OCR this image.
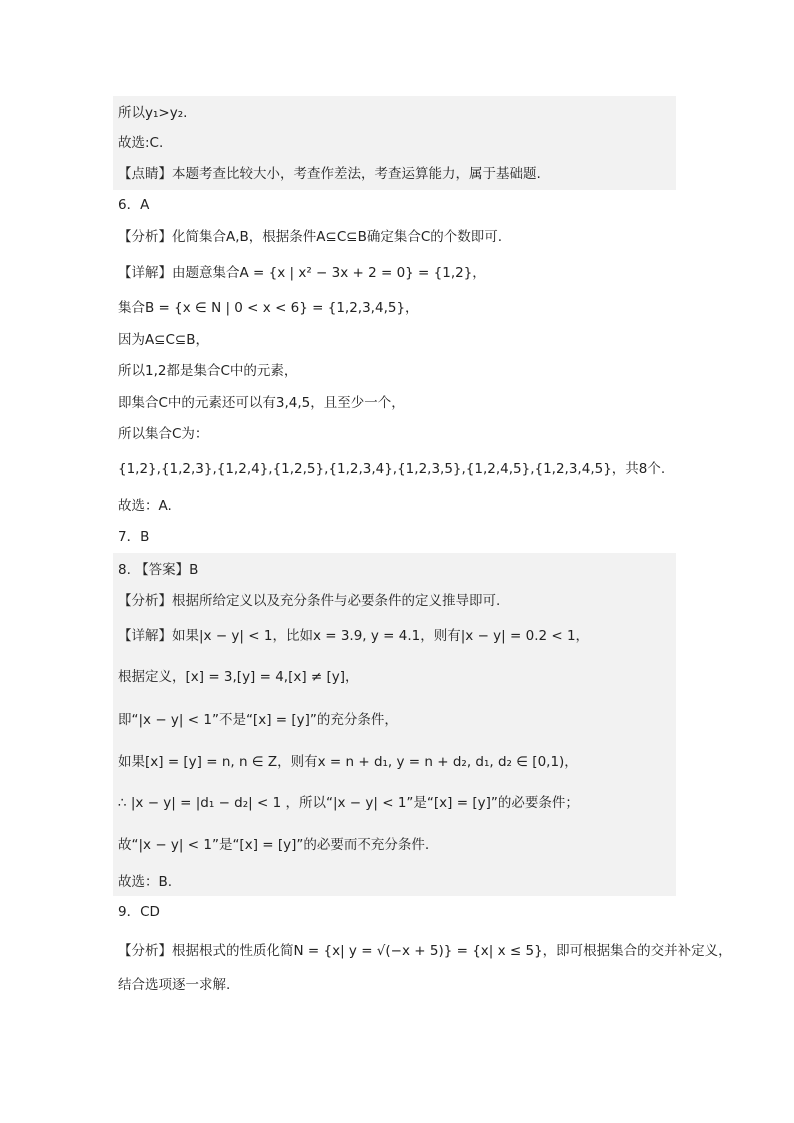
所以y₁>y₂.
故选:C.
【点睛】本题考查比较大小，考查作差法，考查运算能力，属于基础题.
6．A
【分析】化简集合A,B，根据条件A⊆C⊆B确定集合C的个数即可.
【详解】由题意集合A = {x | x² − 3x + 2 = 0} = {1,2}，
集合B = {x ∈ N | 0 < x < 6} = {1,2,3,4,5}，
因为A⊆C⊆B，
所以1,2都是集合C中的元素，
即集合C中的元素还可以有3,4,5，且至少一个，
所以集合C为：
{1,2},{1,2,3},{1,2,4},{1,2,5},{1,2,3,4},{1,2,3,5},{1,2,4,5},{1,2,3,4,5}，共8个.
故选：A.
7．B
8. 【答案】B
【分析】根据所给定义以及充分条件与必要条件的定义推导即可.
【详解】如果|x − y| < 1，比如x = 3.9, y = 4.1，则有|x − y| = 0.2 < 1，
根据定义，[x] = 3,[y] = 4,[x] ≠ [y]，
即“|x − y| < 1”不是“[x] = [y]”的充分条件，
如果[x] = [y] = n, n ∈ Z，则有x = n + d₁, y = n + d₂, d₁, d₂ ∈ [0,1)，
∴ |x − y| = |d₁ − d₂| < 1 ，所以“|x − y| < 1”是“[x] = [y]”的必要条件；
故“|x − y| < 1”是“[x] = [y]”的必要而不充分条件.
故选：B.
9．CD
【分析】根据根式的性质化简N = {x| y = √(−x + 5)} = {x| x ≤ 5}，即可根据集合的交并补定义，
结合选项逐一求解.
